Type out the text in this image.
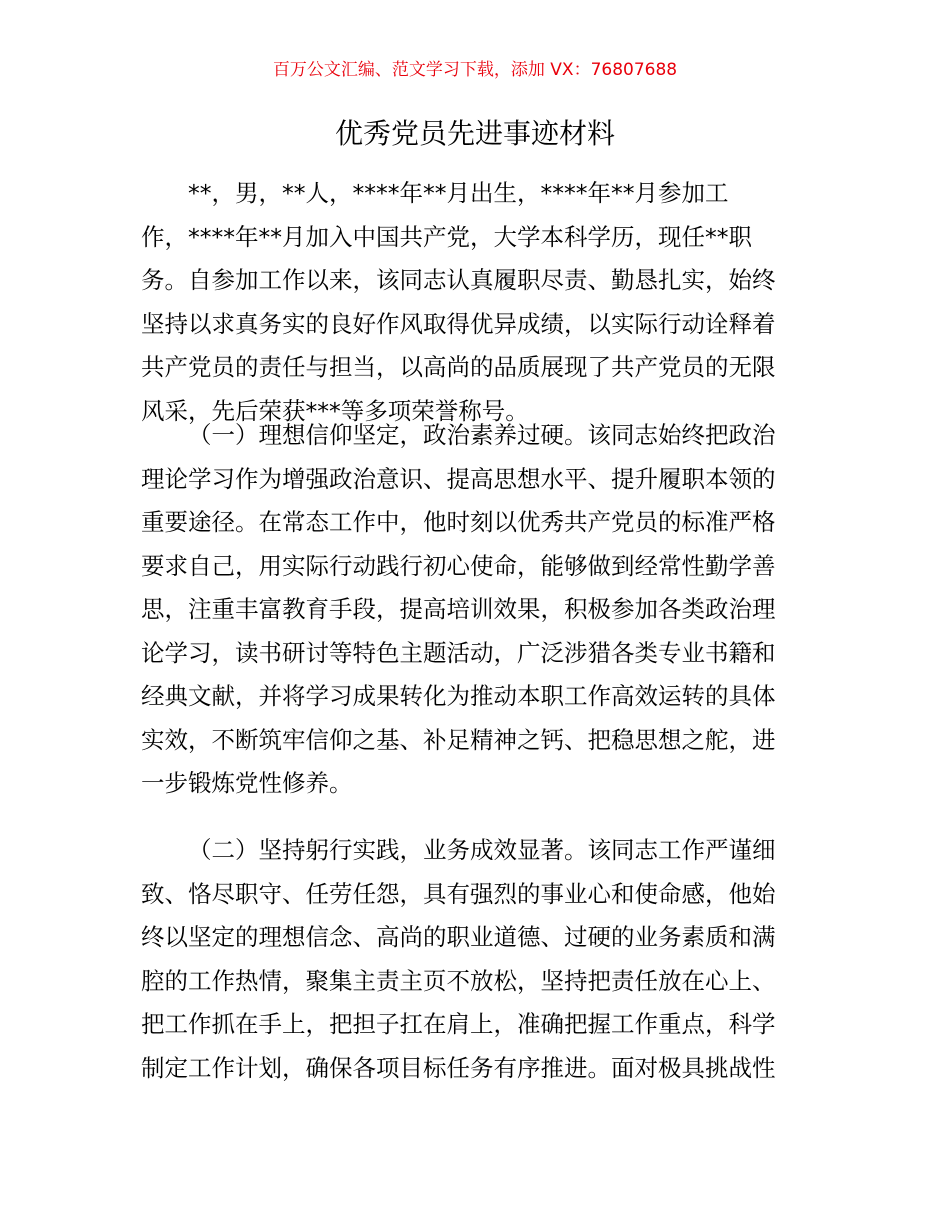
百万公文汇编、范文学习下载，添加 VX：76807688
优秀党员先进事迹材料
**，男，**人，****年**月出生，****年**月参加工
作，****年**月加入中国共产党，大学本科学历，现任**职
务。自参加工作以来，该同志认真履职尽责、勤恳扎实，始终
坚持以求真务实的良好作风取得优异成绩，以实际行动诠释着
共产党员的责任与担当，以高尚的品质展现了共产党员的无限
风采，先后荣获***等多项荣誉称号。
（一）理想信仰坚定，政治素养过硬。该同志始终把政治
理论学习作为增强政治意识、提高思想水平、提升履职本领的
重要途径。在常态工作中，他时刻以优秀共产党员的标准严格
要求自己，用实际行动践行初心使命，能够做到经常性勤学善
思，注重丰富教育手段，提高培训效果，积极参加各类政治理
论学习，读书研讨等特色主题活动，广泛涉猎各类专业书籍和
经典文献，并将学习成果转化为推动本职工作高效运转的具体
实效，不断筑牢信仰之基、补足精神之钙、把稳思想之舵，进
一步锻炼党性修养。
（二）坚持躬行实践，业务成效显著。该同志工作严谨细
致、恪尽职守、任劳任怨，具有强烈的事业心和使命感，他始
终以坚定的理想信念、高尚的职业道德、过硬的业务素质和满
腔的工作热情，聚集主责主页不放松，坚持把责任放在心上、
把工作抓在手上，把担子扛在肩上，准确把握工作重点，科学
制定工作计划，确保各项目标任务有序推进。面对极具挑战性
